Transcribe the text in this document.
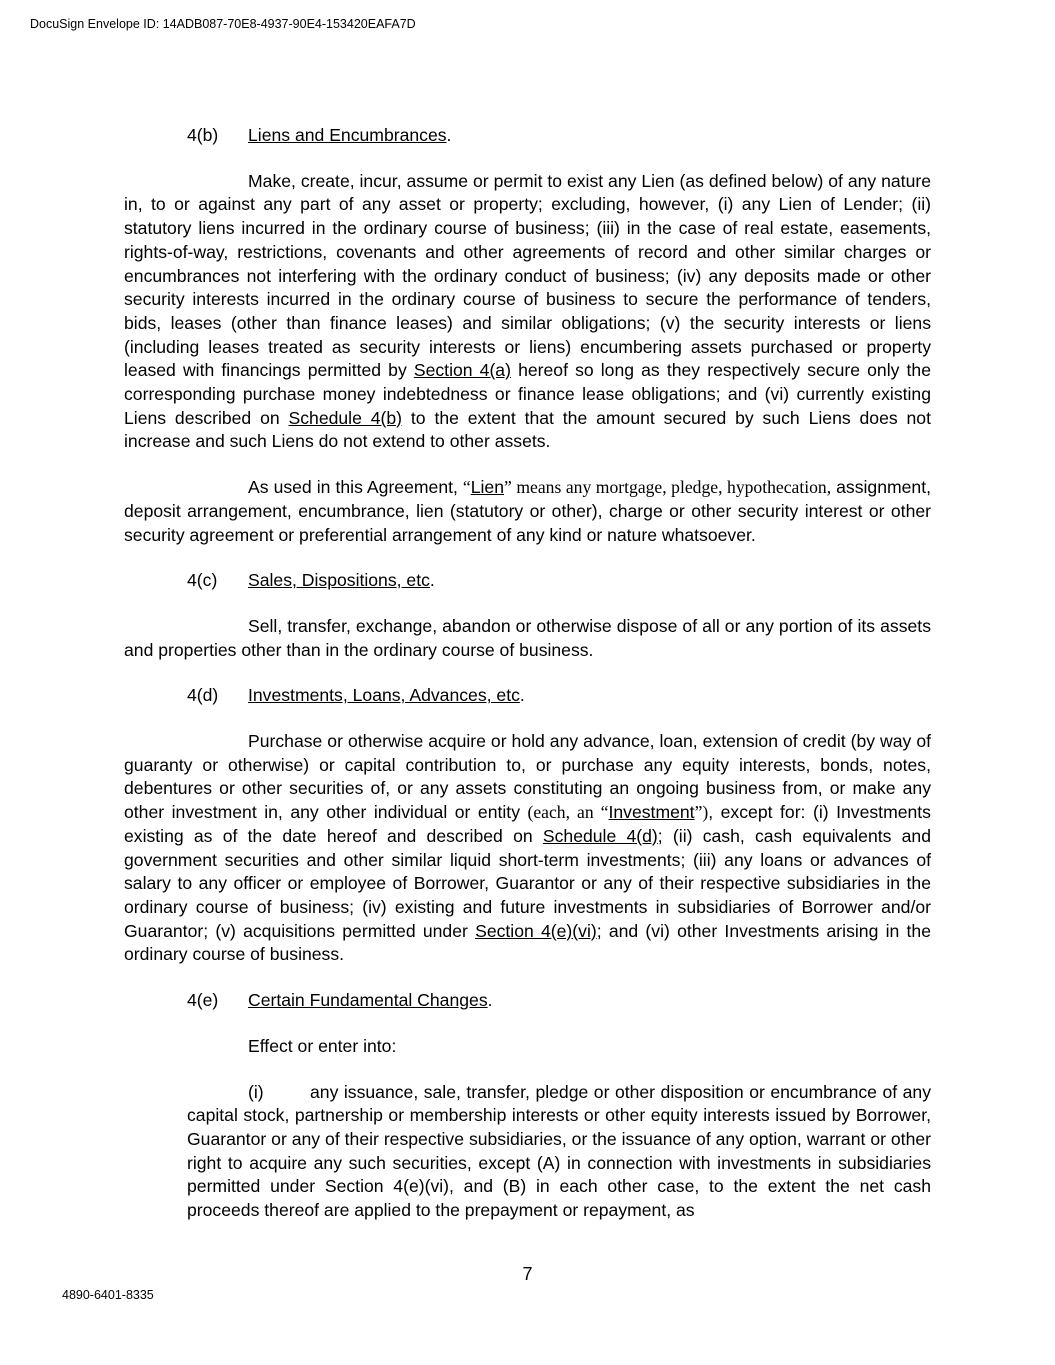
DocuSign Envelope ID: 14ADB087-70E8-4937-90E4-153420EAFA7D

4(b) Liens and Encumbrances.

Make, create, incur, assume or permit to exist any Lien (as defined below) of any nature in, to or against any part of any asset or property; excluding, however, (i) any Lien of Lender; (ii) statutory liens incurred in the ordinary course of business; (iii) in the case of real estate, easements, rights-of-way, restrictions, covenants and other agreements of record and other similar charges or encumbrances not interfering with the ordinary conduct of business; (iv) any deposits made or other security interests incurred in the ordinary course of business to secure the performance of tenders, bids, leases (other than finance leases) and similar obligations; (v) the security interests or liens (including leases treated as security interests or liens) encumbering assets purchased or property leased with financings permitted by Section 4(a) hereof so long as they respectively secure only the corresponding purchase money indebtedness or finance lease obligations; and (vi) currently existing Liens described on Schedule 4(b) to the extent that the amount secured by such Liens does not increase and such Liens do not extend to other assets.

As used in this Agreement, “Lien” means any mortgage, pledge, hypothecation, assignment, deposit arrangement, encumbrance, lien (statutory or other), charge or other security interest or other security agreement or preferential arrangement of any kind or nature whatsoever.

4(c) Sales, Dispositions, etc.

Sell, transfer, exchange, abandon or otherwise dispose of all or any portion of its assets and properties other than in the ordinary course of business.

4(d) Investments, Loans, Advances, etc.

Purchase or otherwise acquire or hold any advance, loan, extension of credit (by way of guaranty or otherwise) or capital contribution to, or purchase any equity interests, bonds, notes, debentures or other securities of, or any assets constituting an ongoing business from, or make any other investment in, any other individual or entity (each, an “Investment”), except for: (i) Investments existing as of the date hereof and described on Schedule 4(d); (ii) cash, cash equivalents and government securities and other similar liquid short-term investments; (iii) any loans or advances of salary to any officer or employee of Borrower, Guarantor or any of their respective subsidiaries in the ordinary course of business; (iv) existing and future investments in subsidiaries of Borrower and/or Guarantor; (v) acquisitions permitted under Section 4(e)(vi); and (vi) other Investments arising in the ordinary course of business.

4(e) Certain Fundamental Changes.

Effect or enter into:

(i)	any issuance, sale, transfer, pledge or other disposition or encumbrance of any capital stock, partnership or membership interests or other equity interests issued by Borrower, Guarantor or any of their respective subsidiaries, or the issuance of any option, warrant or other right to acquire any such securities, except (A) in connection with investments in subsidiaries permitted under Section 4(e)(vi), and (B) in each other case, to the extent the net cash proceeds thereof are applied to the prepayment or repayment, as

7
4890-6401-8335
